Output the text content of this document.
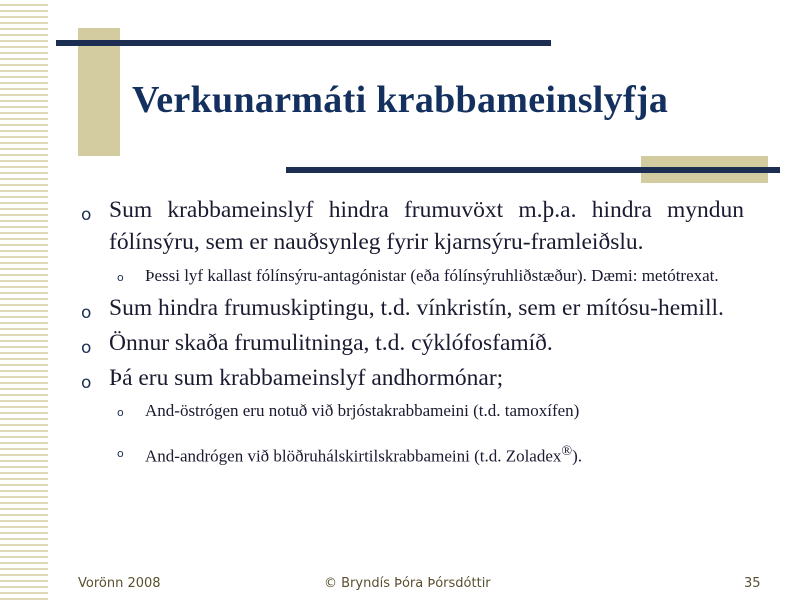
Verkunarmáti krabbameinslyfja
o Sum krabbameinslyf hindra frumuvöxt m.þ.a. hindra myndun fólínsýru, sem er nauðsynleg fyrir kjarnsýru-framleiðslu.
o Þessi lyf kallast fólínsýru-antagónistar (eða fólínsýruhliðstæður). Dæmi: metótrexat.
o Sum hindra frumuskiptingu, t.d. vínkristín, sem er mítósu-hemill.
o Önnur skaða frumulitninga, t.d. cýklófosfamíð.
o Þá eru sum krabbameinslyf andhormónar;
o And-östrógen eru notuð við brjóstakrabbameini (t.d. tamoxífen)
o And-andrógen við blöðruhálskirtilskrabbameini (t.d. Zoladex®).
Vorönn 2008	© Bryndís Þóra Þórsdóttir	35
